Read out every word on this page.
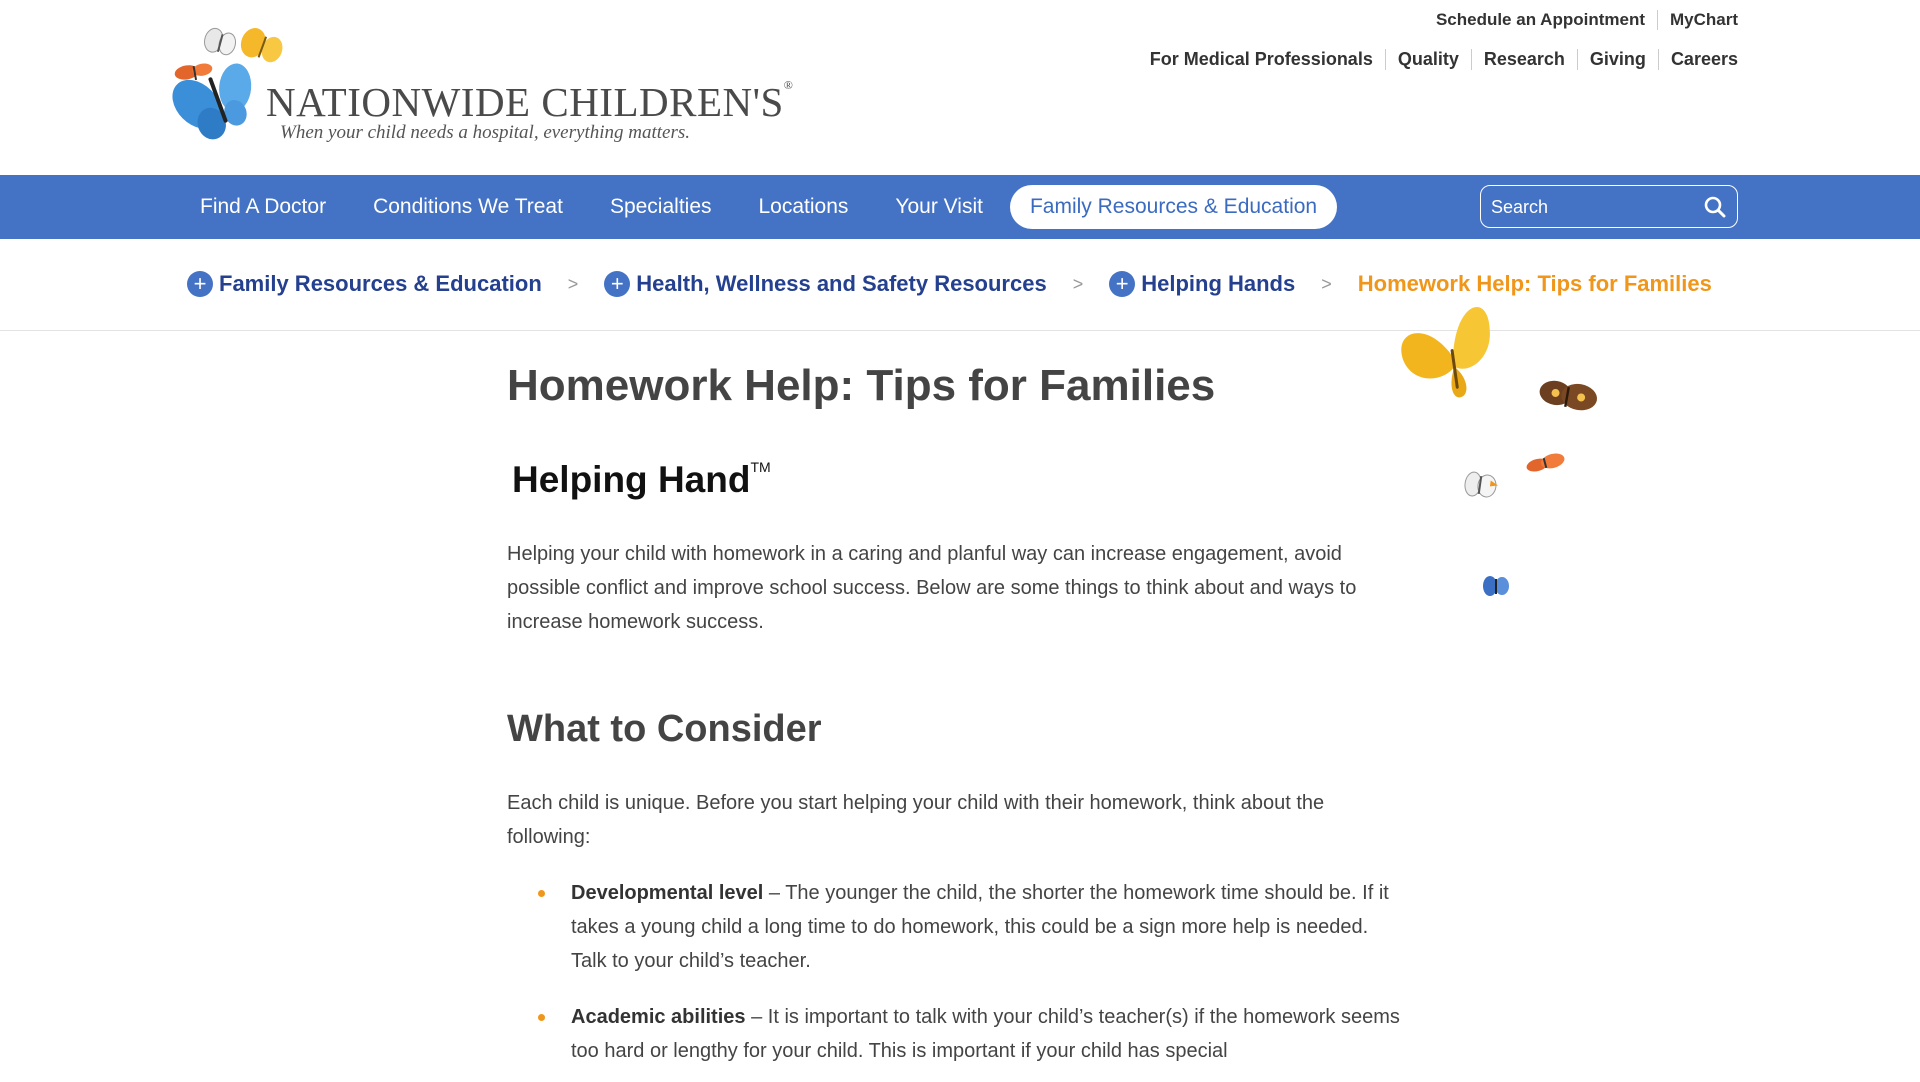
NATIONWIDE CHILDREN'S®
When your child needs a hospital, everything matters.
Schedule an Appointment	MyChart
For Medical Professionals	Quality	Research	Giving	Careers
Find A Doctor	Conditions We Treat	Specialties	Locations	Your Visit	Family Resources & Education
Search
+ Family Resources & Education > + Health, Wellness and Safety Resources > + Helping Hands > Homework Help: Tips for Families
Homework Help: Tips for Families
Helping Hand™

Helping your child with homework in a caring and planful way can increase engagement, avoid possible conflict and improve school success. Below are some things to think about and ways to increase homework success.

What to Consider

Each child is unique. Before you start helping your child with their homework, think about the following:

Developmental level – The younger the child, the shorter the homework time should be. If it takes a young child a long time to do homework, this could be a sign more help is needed. Talk to your child’s teacher.
Academic abilities – It is important to talk with your child’s teacher(s) if the homework seems too hard or lengthy for your child. This is important if your child has special
